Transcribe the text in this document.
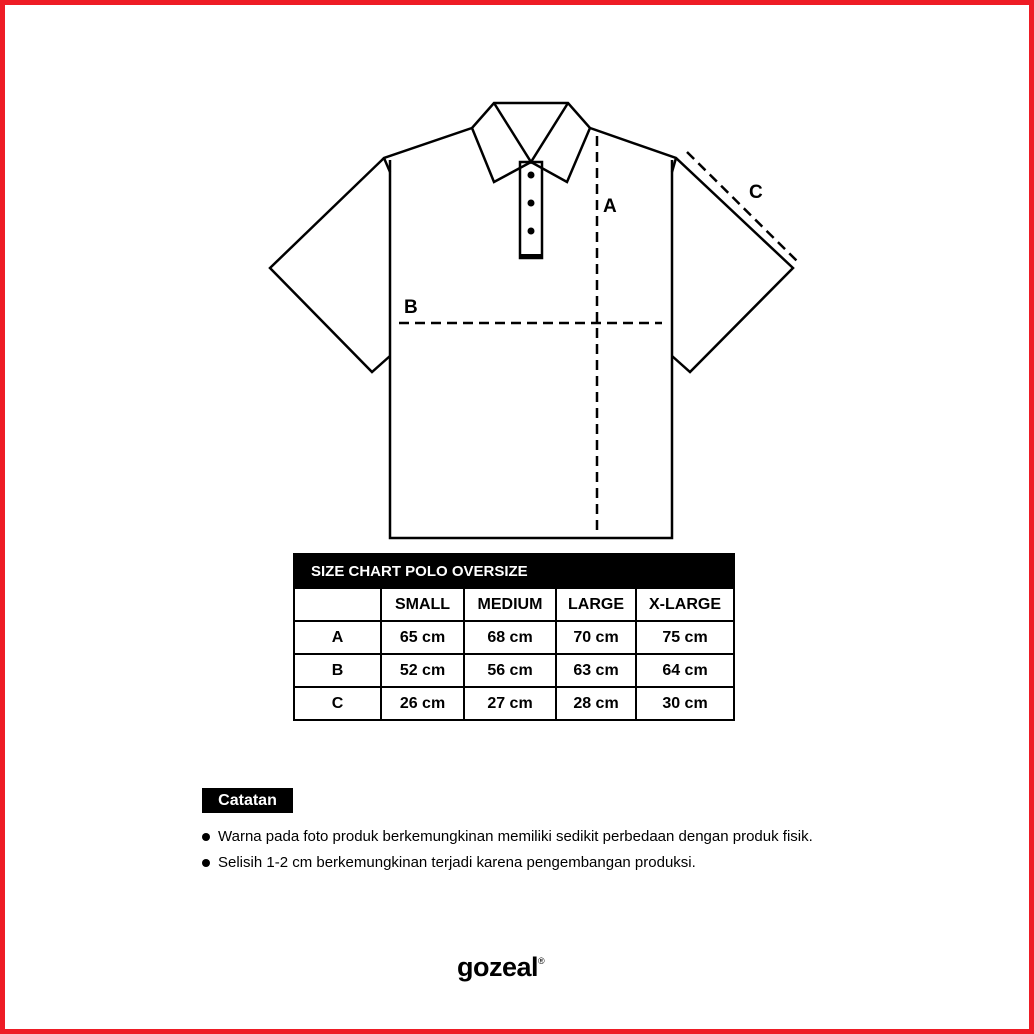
A
B
C
SIZE CHART POLO OVERSIZE				
	SMALL	MEDIUM	LARGE	X-LARGE
A	65 cm	68 cm	70 cm	75 cm
B	52 cm	56 cm	63 cm	64 cm
C	26 cm	27 cm	28 cm	30 cm
Catatan
Warna pada foto produk berkemungkinan memiliki sedikit perbedaan dengan produk fisik.
Selisih 1-2 cm berkemungkinan terjadi karena pengembangan produksi.
gozeal®
